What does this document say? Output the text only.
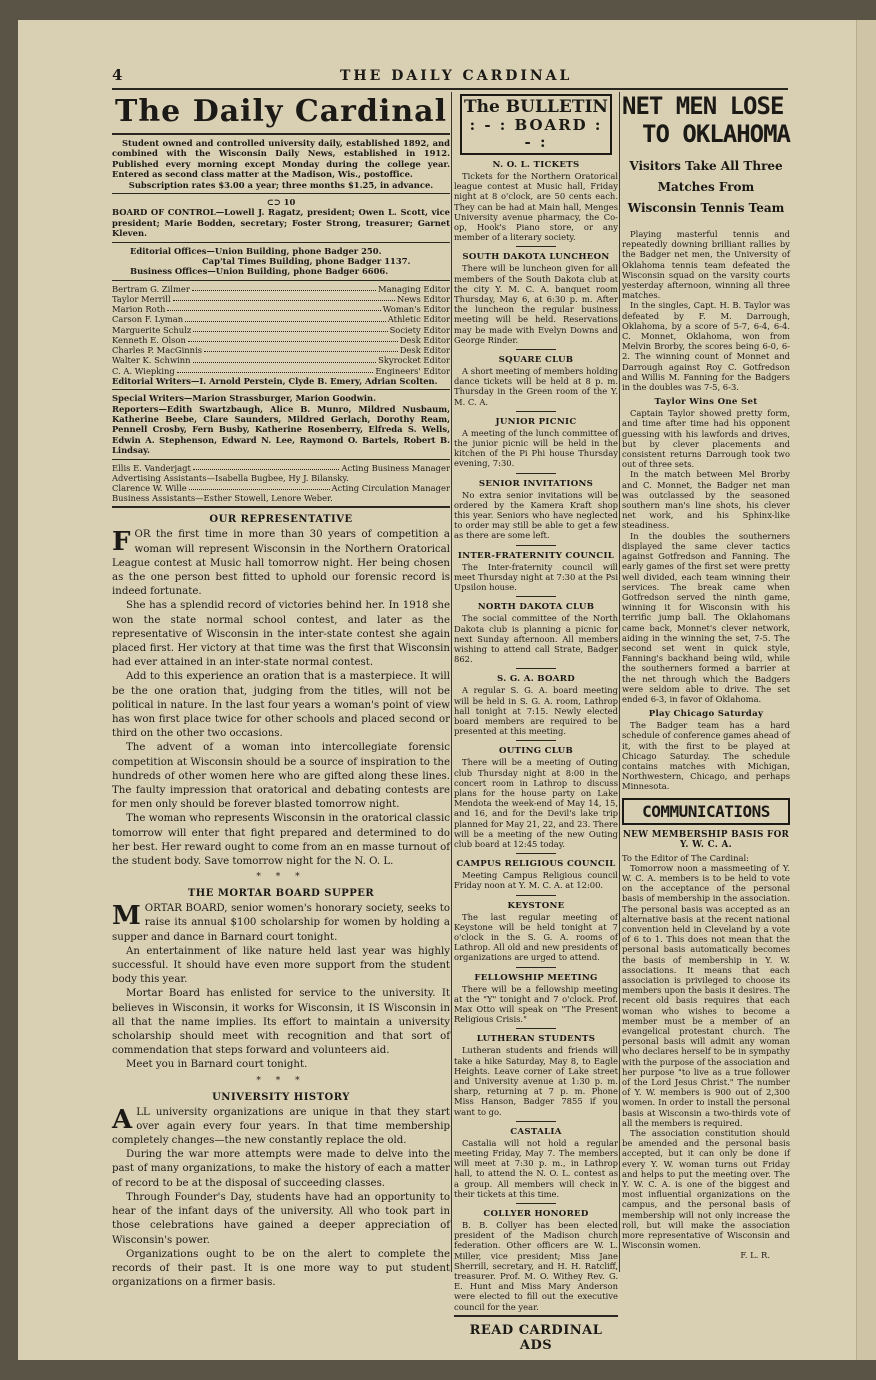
4	THE DAILY CARDINAL
The Daily Cardinal
Student owned and controlled university daily, established 1892, and combined with the Wisconsin Daily News, established in 1912. Published every morning except Monday during the college year. Entered as second class matter at the Madison, Wis., postoffice.
Subscription rates $3.00 a year; three months $1.25, in advance.
⊂⊃ 10
BOARD OF CONTROL—Lowell J. Ragatz, president; Owen L. Scott, vice president; Marie Bodden, secretary; Foster Strong, treasurer; Garnet Kleven.
Editorial Offices—Union Building, phone Badger 250.
Cap'tal Times Building, phone Badger 1137.
Business Offices—Union Building, phone Badger 6606.
Bertram G. Zilmer	Managing Editor
Taylor Merrill	News Editor
Marion Roth	Woman's Editor
Carson F. Lyman	Athletic Editor
Marguerite Schulz	Society Editor
Kenneth E. Olson	Desk Editor
Charles P. MacGinnis	Desk Editor
Walter K. Schwinn	Skyrocket Editor
C. A. Wiepking	Engineers' Editor
Editorial Writers—I. Arnold Perstein, Clyde B. Emery, Adrian Scolten.
Special Writers—Marion Strassburger, Marion Goodwin.
Reporters—Edith Swartzbaugh, Alice B. Munro, Mildred Nusbaum, Katherine Beebe, Clare Saunders, Mildred Gerlach, Dorothy Ream, Pennell Crosby, Fern Busby, Katherine Rosenberry, Elfreda S. Wells, Edwin A. Stephenson, Edward N. Lee, Raymond O. Bartels, Robert B. Lindsay.
Ellis E. Vanderjagt	Acting Business Manager
Advertising Assistants—Isabella Bugbee, Hy J. Bilansky.
Clarence W. Wille	Acting Circulation Manager
Business Assistants—Esther Stowell, Lenore Weber.
OUR REPRESENTATIVE

FOR the first time in more than 30 years of competition a woman will represent Wisconsin in the Northern Oratorical League contest at Music hall tomorrow night. Her being chosen as the one person best fitted to uphold our forensic record is indeed fortunate.

She has a splendid record of victories behind her. In 1918 she won the state normal school contest, and later as the representative of Wisconsin in the inter-state contest she again placed first. Her victory at that time was the first that Wisconsin had ever attained in an inter-state normal contest.

Add to this experience an oration that is a masterpiece. It will be the one oration that, judging from the titles, will not be political in nature. In the last four years a woman's point of view has won first place twice for other schools and placed second or third on the other two occasions.

The advent of a woman into intercollegiate forensic competition at Wisconsin should be a source of inspiration to the hundreds of other women here who are gifted along these lines. The faulty impression that oratorical and debating contests are for men only should be forever blasted tomorrow night.

The woman who represents Wisconsin in the oratorical classic tomorrow will enter that fight prepared and determined to do her best. Her reward ought to come from an en masse turnout of the student body. Save tomorrow night for the N. O. L.

* * *
THE MORTAR BOARD SUPPER

MORTAR BOARD, senior women's honorary society, seeks to raise its annual $100 scholarship for women by holding a supper and dance in Barnard court tonight.

An entertainment of like nature held last year was highly successful. It should have even more support from the student body this year.

Mortar Board has enlisted for service to the university. It believes in Wisconsin, it works for Wisconsin, it IS Wisconsin in all that the name implies. Its effort to maintain a university scholarship should meet with recognition and that sort of commendation that steps forward and volunteers aid.

Meet you in Barnard court tonight.

* * *
UNIVERSITY HISTORY

ALL university organizations are unique in that they start over again every four years. In that time membership completely changes—the new constantly replace the old.

During the war more attempts were made to delve into the past of many organizations, to make the history of each a matter of record to be at the disposal of succeeding classes.

Through Founder's Day, students have had an opportunity to hear of the infant days of the university. All who took part in those celebrations have gained a deeper appreciation of Wisconsin's power.

Organizations ought to be on the alert to complete the records of their past. It is one more way to put student organizations on a firmer basis.

The BULLETIN
: - : BOARD : - :
N. O. L. TICKETS

Tickets for the Northern Oratorical league contest at Music hall, Friday night at 8 o'clock, are 50 cents each. They can be had at Main hall, Menges University avenue pharmacy, the Co-op, Hook's Piano store, or any member of a literary society.

SOUTH DAKOTA LUNCHEON

There will be luncheon given for all members of the South Dakota club at the city Y. M. C. A. banquet room Thursday, May 6, at 6:30 p. m. After the luncheon the regular business meeting will be held. Reservations may be made with Evelyn Downs and George Rinder.

SQUARE CLUB

A short meeting of members holding dance tickets will be held at 8 p. m. Thursday in the Green room of the Y. M. C. A.

JUNIOR PICNIC

A meeting of the lunch committee of the junior picnic will be held in the kitchen of the Pi Phi house Thursday evening, 7:30.

SENIOR INVITATIONS

No extra senior invitations will be ordered by the Kamera Kraft shop this year. Seniors who have neglected to order may still be able to get a few as there are some left.

INTER-FRATERNITY COUNCIL

The Inter-fraternity council will meet Thursday night at 7:30 at the Psi Upsilon house.

NORTH DAKOTA CLUB

The social committee of the North Dakota club is planning a picnic for next Sunday afternoon. All members wishing to attend call Strate, Badger 862.

S. G. A. BOARD

A regular S. G. A. board meeting will be held in S. G. A. room, Lathrop hall tonight at 7:15. Newly elected board members are required to be presented at this meeting.

OUTING CLUB

There will be a meeting of Outing club Thursday night at 8:00 in the concert room in Lathrop to discuss plans for the house party on Lake Mendota the week-end of May 14, 15, and 16, and for the Devil's lake trip planned for May 21, 22, and 23. There will be a meeting of the new Outing club board at 12:45 today.

CAMPUS RELIGIOUS COUNCIL

Meeting Campus Religious council Friday noon at Y. M. C. A. at 12:00.

KEYSTONE

The last regular meeting of Keystone will be held tonight at 7 o'clock in the S. G. A. rooms of Lathrop. All old and new presidents of organizations are urged to attend.

FELLOWSHIP MEETING

There will be a fellowship meeting at the "Y" tonight and 7 o'clock. Prof. Max Otto will speak on "The Present Religious Crisis."

LUTHERAN STUDENTS

Lutheran students and friends will take a hike Saturday, May 8, to Eagle Heights. Leave corner of Lake street and University avenue at 1:30 p. m. sharp, returning at 7 p. m. Phone Miss Hanson, Badger 7855 if you want to go.

CASTALIA

Castalia will not hold a regular meeting Friday, May 7. The members will meet at 7:30 p. m., in Lathrop hall, to attend the N. O. L. contest as a group. All members will check in their tickets at this time.

COLLYER HONORED

B. B. Collyer has been elected president of the Madison church federation. Other officers are W. L. Miller, vice president; Miss Jane Sherrill, secretary, and H. H. Ratcliff, treasurer. Prof. M. O. Withey Rev. G. E. Hunt and Miss Mary Anderson were elected to fill out the executive council for the year.

READ CARDINAL ADS
NET MEN LOSE
TO OKLAHOMA
Visitors Take All Three Matches From Wisconsin Tennis Team

Playing masterful tennis and repeatedly downing brilliant rallies by the Badger net men, the University of Oklahoma tennis team defeated the Wisconsin squad on the varsity courts yesterday afternoon, winning all three matches.

In the singles, Capt. H. B. Taylor was defeated by F. M. Darrough, Oklahoma, by a score of 5-7, 6-4, 6-4. C. Monnet, Oklahoma, won from Melvin Brorby, the scores being 6-0, 6-2. The winning count of Monnet and Darrough against Roy C. Gotfredson and Willis M. Fanning for the Badgers in the doubles was 7-5, 6-3.

Taylor Wins One Set

Captain Taylor showed pretty form, and time after time had his opponent guessing with his lawfords and drives, but by clever placements and consistent returns Darrough took two out of three sets.

In the match between Mel Brorby and C. Monnet, the Badger net man was outclassed by the seasoned southern man's line shots, his clever net work, and his Sphinx-like steadiness.

In the doubles the southerners displayed the same clever tactics against Gotfredson and Fanning. The early games of the first set were pretty well divided, each team winning their services. The break came when Gotfredson served the ninth game, winning it for Wisconsin with his terrific jump ball. The Oklahomans came back, Monnet's clever network, aiding in the winning the set, 7-5. The second set went in quick style, Fanning's backhand being wild, while the southerners formed a barrier at the net through which the Badgers were seldom able to drive. The set ended 6-3, in favor of Oklahoma.

Play Chicago Saturday

The Badger team has a hard schedule of conference games ahead of it, with the first to be played at Chicago Saturday. The schedule contains matches with Michigan, Northwestern, Chicago, and perhaps Minnesota.

COMMUNICATIONS
NEW MEMBERSHIP BASIS FOR Y. W. C. A.
To the Editor of The Cardinal:

Tomorrow noon a massmeeting of Y. W. C. A. members is to be held to vote on the acceptance of the personal basis of membership in the association. The personal basis was accepted as an alternative basis at the recent national convention held in Cleveland by a vote of 6 to 1. This does not mean that the personal basis automatically becomes the basis of membership in Y. W. associations. It means that each association is privileged to choose its members upon the basis it desires. The recent old basis requires that each woman who wishes to become a member must be a member of an evangelical protestant church. The personal basis will admit any woman who declares herself to be in sympathy with the purpose of the association and her purpose "to live as a true follower of the Lord Jesus Christ." The number of Y. W. members is 900 out of 2,300 women. In order to install the personal basis at Wisconsin a two-thirds vote of all the members is required.

The association constitution should be amended and the personal basis accepted, but it can only be done if every Y. W. woman turns out Friday and helps to put the meeting over. The Y. W. C. A. is one of the biggest and most influential organizations on the campus, and the personal basis of membership will not only increase the roll, but will make the association more representative of Wisconsin and Wisconsin women.

F. L. R.
